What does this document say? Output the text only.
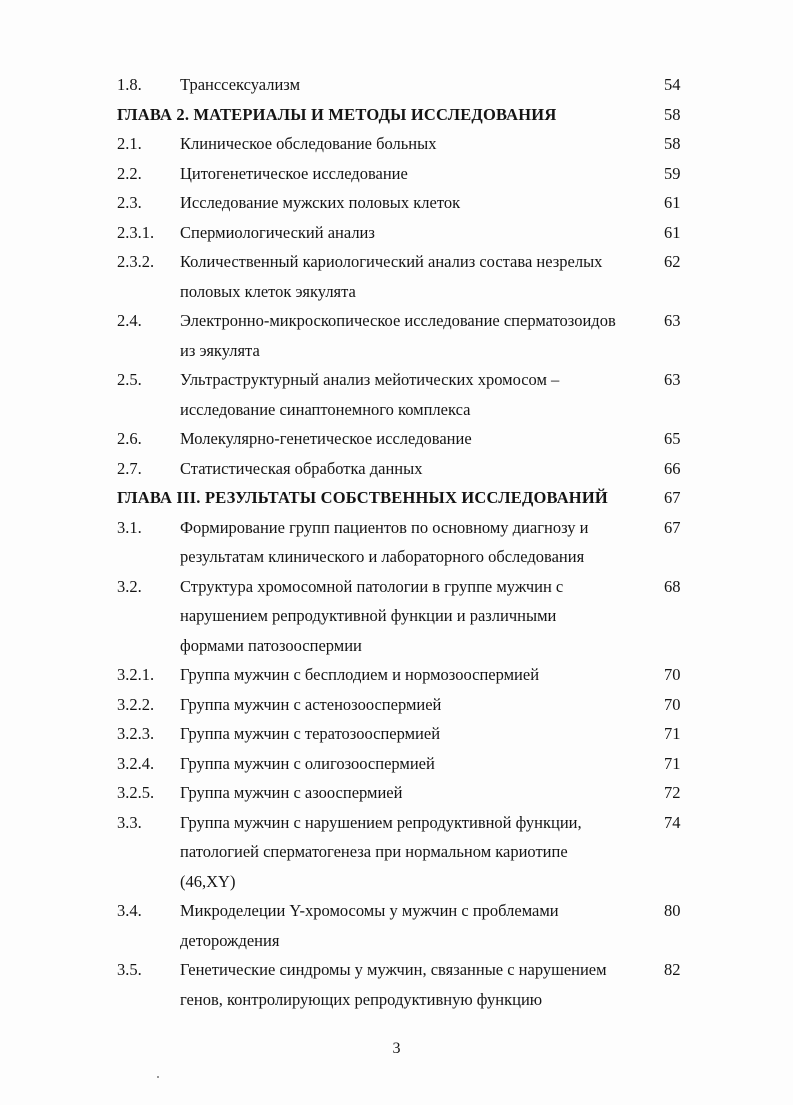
1.8. Транссексуализм	54
ГЛАВА 2. МАТЕРИАЛЫ И МЕТОДЫ ИССЛЕДОВАНИЯ	58
2.1. Клиническое обследование больных	58
2.2. Цитогенетическое исследование	59
2.3. Исследование мужских половых клеток	61
2.3.1. Спермиологический анализ	61
2.3.2. Количественный кариологический анализ состава незрелых	62
половых клеток эякулята
2.4. Электронно-микроскопическое исследование сперматозоидов	63
из эякулята
2.5. Ультраструктурный анализ мейотических хромосом –	63
исследование синаптонемного комплекса
2.6. Молекулярно-генетическое исследование	65
2.7. Статистическая обработка данных	66
ГЛАВА III. РЕЗУЛЬТАТЫ СОБСТВЕННЫХ ИССЛЕДОВАНИЙ	67
3.1. Формирование групп пациентов по основному диагнозу и	67
результатам клинического и лабораторного обследования
3.2. Структура хромосомной патологии в группе мужчин с	68
нарушением репродуктивной функции и различными
формами патозооспермии
3.2.1. Группа мужчин с бесплодием и нормозооспермией	70
3.2.2. Группа мужчин с астенозооспермией	70
3.2.3. Группа мужчин с тератозооспермией	71
3.2.4. Группа мужчин с олигозооспермией	71
3.2.5. Группа мужчин с азооспермией	72
3.3. Группа мужчин с нарушением репродуктивной функции,	74
патологией сперматогенеза при нормальном кариотипе
(46,XY)
3.4. Микроделеции Y-хромосомы у мужчин с проблемами	80
деторождения
3.5. Генетические синдромы у мужчин, связанные с нарушением	82
генов, контролирующих репродуктивную функцию
3
